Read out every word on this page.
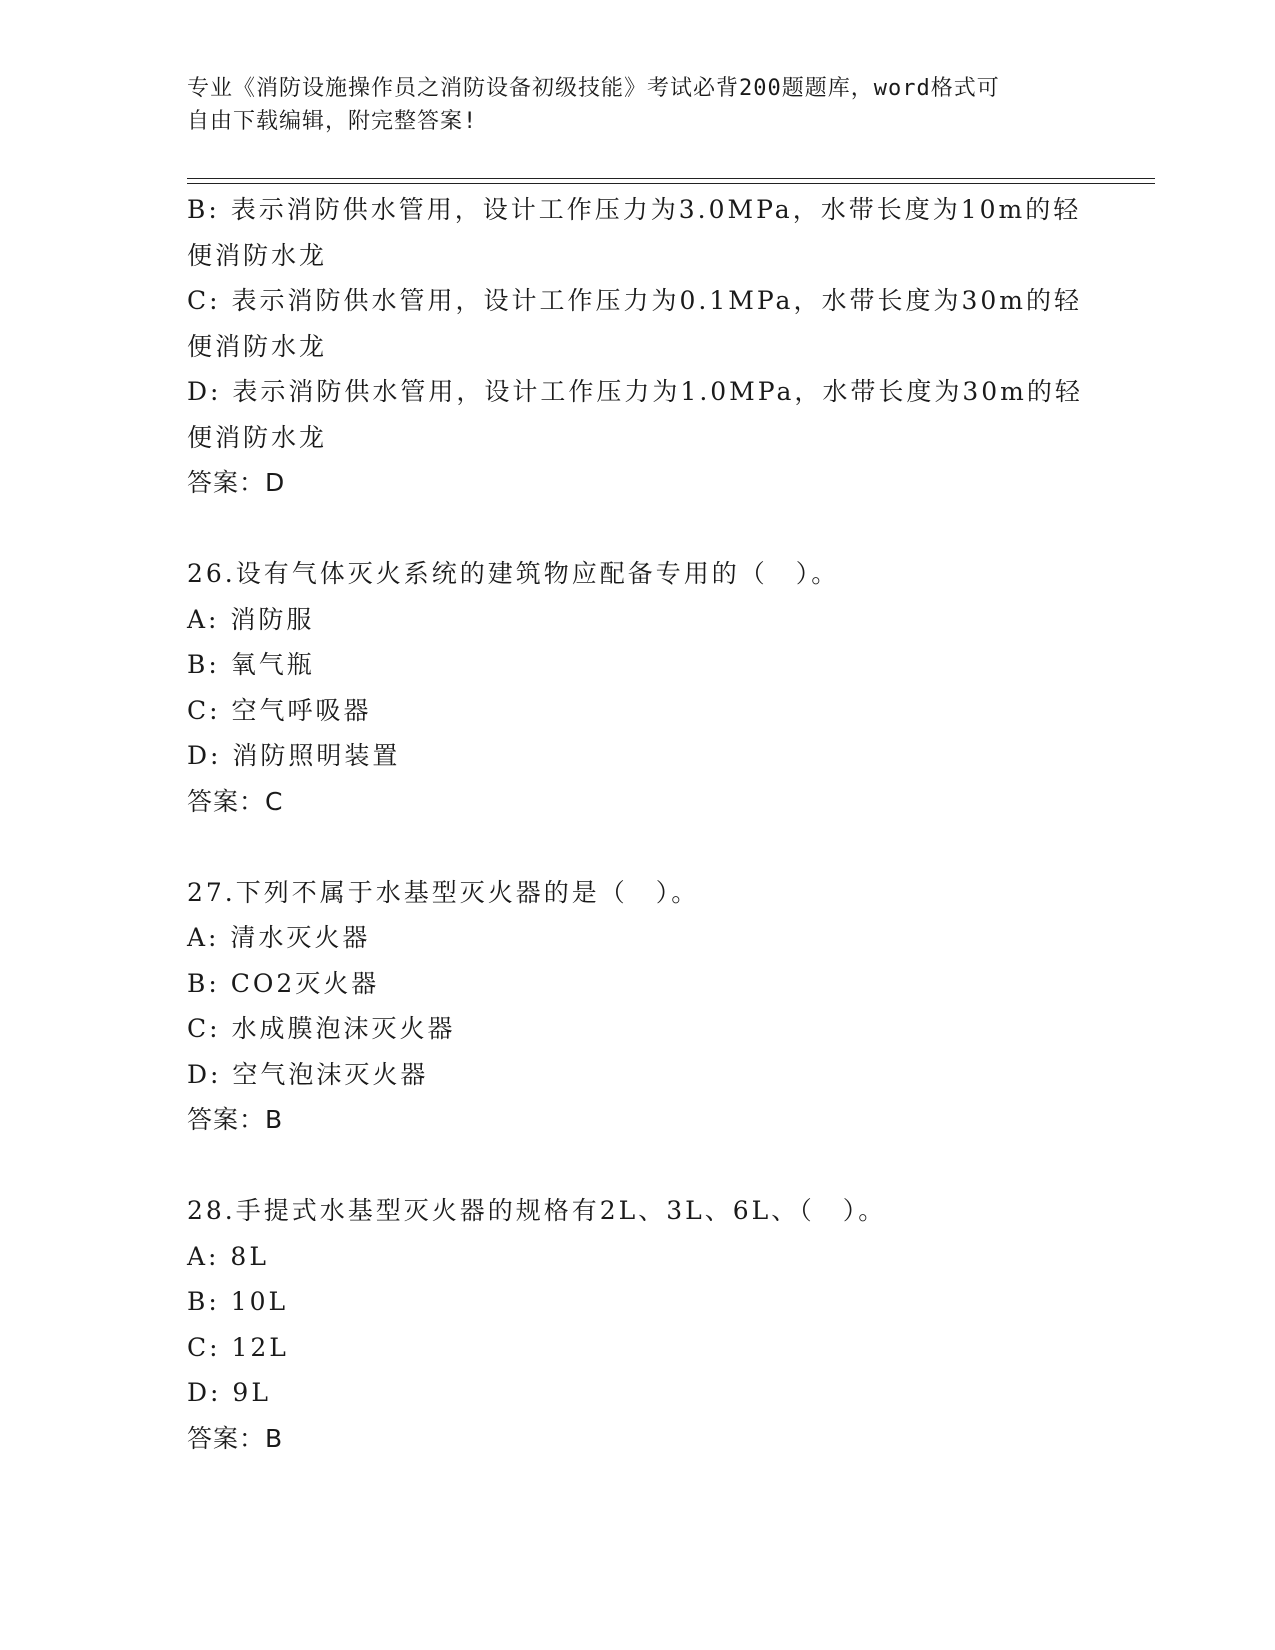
专业《消防设施操作员之消防设备初级技能》考试必背200题题库，word格式可
自由下载编辑，附完整答案!
B: 表示消防供水管用，设计工作压力为3.0MPa，水带长度为10m的轻
便消防水龙
C: 表示消防供水管用，设计工作压力为0.1MPa，水带长度为30m的轻
便消防水龙
D: 表示消防供水管用，设计工作压力为1.0MPa，水带长度为30m的轻
便消防水龙
答案：D
26.设有气体灭火系统的建筑物应配备专用的（　）。
A: 消防服
B: 氧气瓶
C: 空气呼吸器
D: 消防照明装置
答案：C
27.下列不属于水基型灭火器的是（　）。
A: 清水灭火器
B: CO2灭火器
C: 水成膜泡沫灭火器
D: 空气泡沫灭火器
答案：B
28.手提式水基型灭火器的规格有2L、3L、6L、（　）。
A: 8L
B: 10L
C: 12L
D: 9L
答案：B
